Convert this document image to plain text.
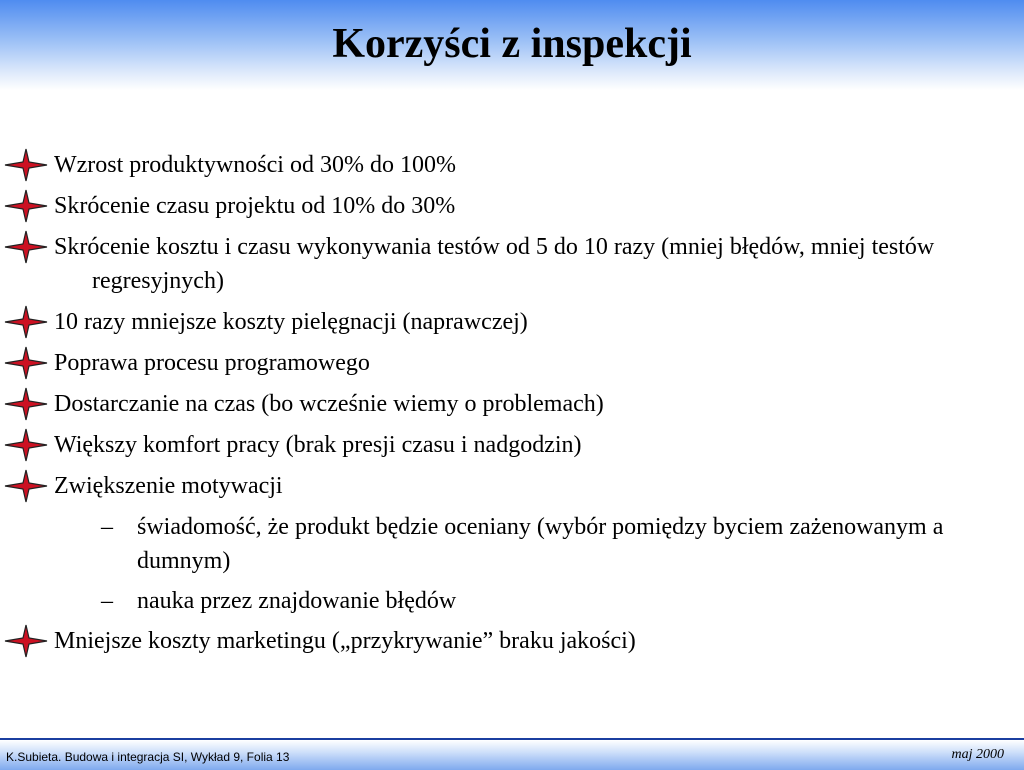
Korzyści z inspekcji
Wzrost produktywności od 30% do 100%
Skrócenie czasu projektu od 10% do 30%
Skrócenie kosztu i czasu wykonywania testów od 5 do 10 razy (mniej błędów, mniej testów regresyjnych)
10 razy mniejsze koszty pielęgnacji (naprawczej)
Poprawa procesu programowego
Dostarczanie na czas (bo wcześnie wiemy o problemach)
Większy komfort pracy (brak presji czasu i nadgodzin)
Zwiększenie motywacji
– świadomość, że produkt będzie oceniany (wybór pomiędzy byciem zażenowanym a dumnym)
– nauka przez znajdowanie błędów
Mniejsze koszty marketingu („przykrywanie” braku jakości)
K.Subieta. Budowa i integracja SI, Wykład 9, Folia 13	maj 2000
